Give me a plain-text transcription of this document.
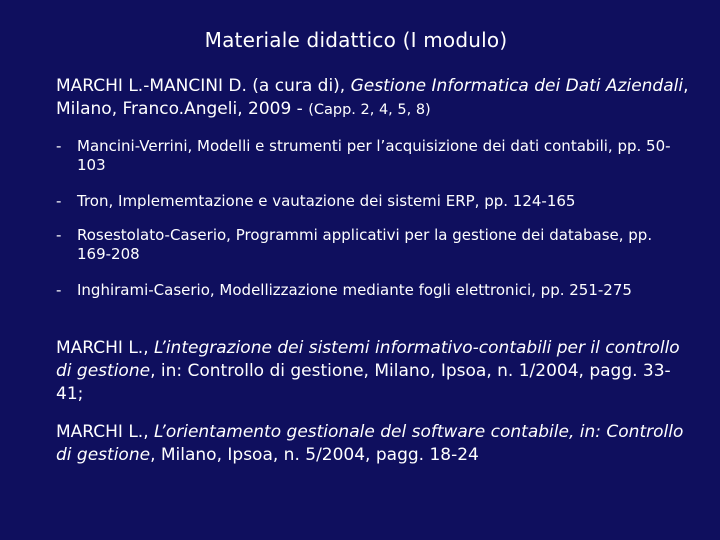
Materiale didattico (I modulo)
MARCHI L.-MANCINI D. (a cura di), Gestione Informatica dei Dati Aziendali, Milano, Franco.Angeli, 2009 - (Capp. 2, 4, 5, 8)
-	Mancini-Verrini, Modelli e strumenti per l’acquisizione dei dati contabili, pp. 50-103
-	Tron, Implememtazione e vautazione dei sistemi ERP, pp. 124-165
-	Rosestolato-Caserio, Programmi applicativi per la gestione dei database, pp. 169-208
-	Inghirami-Caserio, Modellizzazione mediante fogli elettronici, pp. 251-275
MARCHI L., L’integrazione dei sistemi informativo-contabili per il controllo di gestione, in: Controllo di gestione, Milano, Ipsoa, n. 1/2004, pagg. 33-41;
MARCHI L., L’orientamento gestionale del software contabile, in: Controllo di gestione, Milano, Ipsoa, n. 5/2004, pagg. 18-24
